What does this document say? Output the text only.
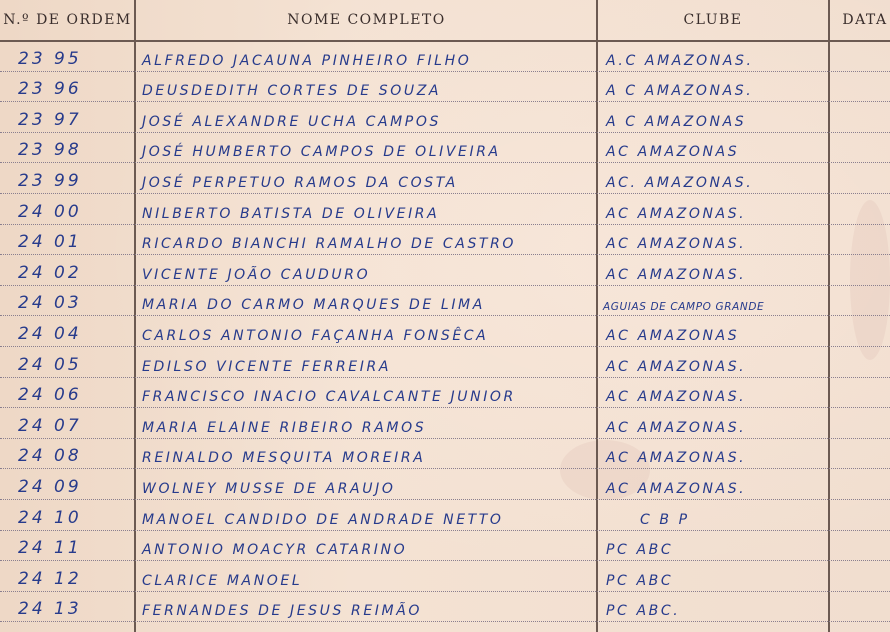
N.º DE ORDEM	NOME COMPLETO	CLUBE	DATA
23 95	ALFREDO JACAUNA PINHEIRO FILHO	A.C AMAZONAS.
23 96	DEUSDEDITH CORTES DE SOUZA	A C AMAZONAS.
23 97	JOSÉ ALEXANDRE UCHA CAMPOS	A C AMAZONAS
23 98	JOSÉ HUMBERTO CAMPOS DE OLIVEIRA	AC AMAZONAS
23 99	JOSÉ PERPETUO RAMOS DA COSTA	AC. AMAZONAS.
24 00	NILBERTO BATISTA DE OLIVEIRA	AC AMAZONAS.
24 01	RICARDO BIANCHI RAMALHO DE CASTRO	AC AMAZONAS.
24 02	VICENTE JOÃO CAUDURO	AC AMAZONAS.
24 03	MARIA DO CARMO MARQUES DE LIMA	AGUIAS DE CAMPO GRANDE
24 04	CARLOS ANTONIO FAÇANHA FONSÊCA	AC AMAZONAS
24 05	EDILSO VICENTE FERREIRA	AC AMAZONAS.
24 06	FRANCISCO INACIO CAVALCANTE JUNIOR	AC AMAZONAS.
24 07	MARIA ELAINE RIBEIRO RAMOS	AC AMAZONAS.
24 08	REINALDO MESQUITA MOREIRA	AC AMAZONAS.
24 09	WOLNEY MUSSE DE ARAUJO	AC AMAZONAS.
24 10	MANOEL CANDIDO DE ANDRADE NETTO	C B P
24 11	ANTONIO MOACYR CATARINO	PC ABC
24 12	CLARICE MANOEL	PC ABC
24 13	FERNANDES DE JESUS REIMÃO	PC ABC.
